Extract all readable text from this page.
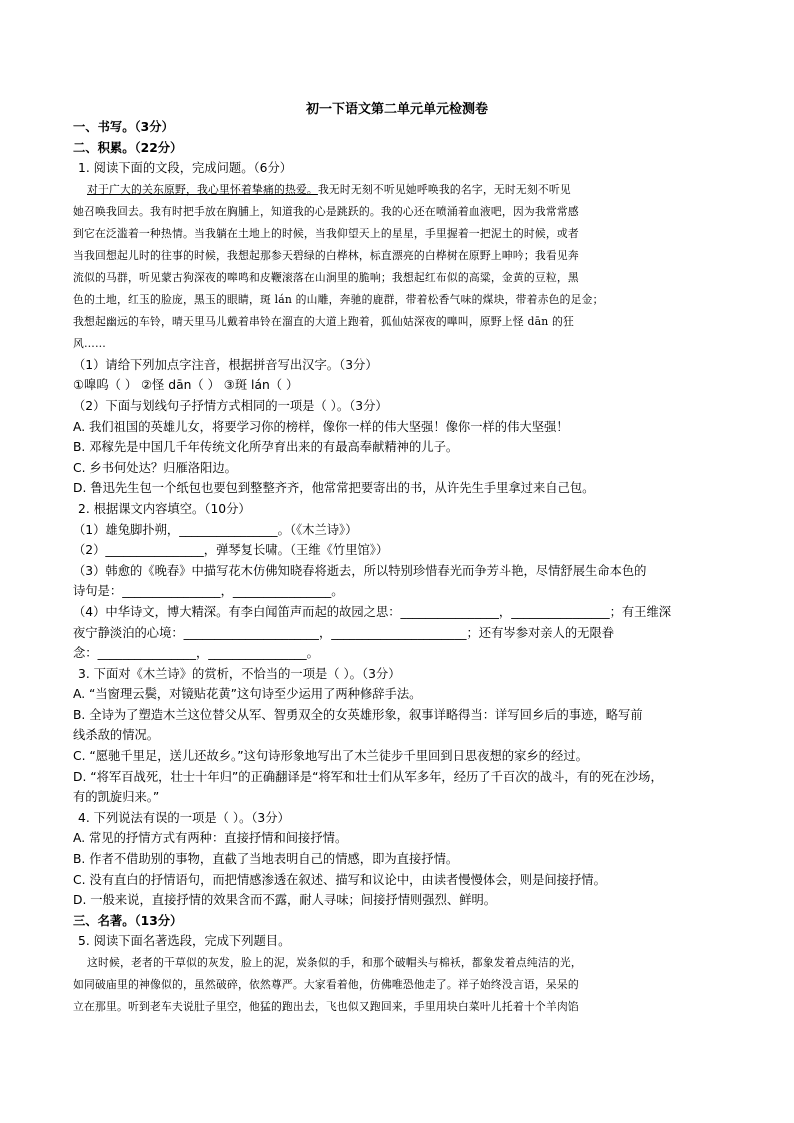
初一下语文第二单元单元检测卷
一、书写。（3分）
二、积累。（22分）
1. 阅读下面的文段，完成问题。（6分）
对于广大的关东原野，我心里怀着挚痛的热爱。我无时无刻不听见她呼唤我的名字，无时无刻不听见
她召唤我回去。我有时把手放在胸脯上，知道我的心是跳跃的。我的心还在喷涌着血液吧，因为我常常感
到它在泛滥着一种热情。当我躺在土地上的时候，当我仰望天上的星星，手里握着一把泥土的时候，或者
当我回想起儿时的往事的时候，我想起那参天碧绿的白桦林，标直漂亮的白桦树在原野上呻吟；我看见奔
流似的马群，听见蒙古狗深夜的嗥鸣和皮鞭滚落在山涧里的脆响；我想起红布似的高粱，金黄的豆粒，黑
色的土地，红玉的脸庞，黑玉的眼睛，斑 lán 的山雕，奔驰的鹿群，带着松香气味的煤块，带着赤色的足金；
我想起幽远的车铃，晴天里马儿戴着串铃在溜直的大道上跑着，狐仙姑深夜的嘷叫，原野上怪 dān 的狂
风……
（1）请给下列加点字注音，根据拼音写出汉字。（3分）
①嘷呜（ ） ②怪 dān（ ） ③斑 lán（ ）
（2）下面与划线句子抒情方式相同的一项是（ ）。（3分）
A. 我们祖国的英雄儿女，将要学习你的榜样，像你一样的伟大坚强！像你一样的伟大坚强！
B. 邓稼先是中国几千年传统文化所孕育出来的有最高奉献精神的儿子。
C. 乡书何处达？归雁洛阳边。
D. 鲁迅先生包一个纸包也要包到整整齐齐，他常常把要寄出的书，从许先生手里拿过来自己包。
2. 根据课文内容填空。（10分）
（1）雄兔脚扑朔，________________。（《木兰诗》）
（2）________________，弹琴复长啸。（王维《竹里馆》）
（3）韩愈的《晚春》中描写花木仿佛知晓春将逝去，所以特别珍惜春光而争芳斗艳，尽情舒展生命本色的
诗句是：________________，________________。
（4）中华诗文，博大精深。有李白闻笛声而起的故园之思：________________，________________；有王维深
夜宁静淡泊的心境：______________________，______________________；还有岑参对亲人的无限眷
念：________________，________________。
3. 下面对《木兰诗》的赏析，不恰当的一项是（ ）。（3分）
A. “当窗理云鬓，对镜贴花黄”这句诗至少运用了两种修辞手法。
B. 全诗为了塑造木兰这位替父从军、智勇双全的女英雄形象，叙事详略得当：详写回乡后的事迹，略写前
线杀敌的情况。
C. “愿驰千里足，送儿还故乡。”这句诗形象地写出了木兰徒步千里回到日思夜想的家乡的经过。
D. “将军百战死，壮士十年归”的正确翻译是“将军和壮士们从军多年，经历了千百次的战斗，有的死在沙场，
有的凯旋归来。”
4. 下列说法有误的一项是（ ）。（3分）
A. 常见的抒情方式有两种：直接抒情和间接抒情。
B. 作者不借助别的事物，直截了当地表明自己的情感，即为直接抒情。
C. 没有直白的抒情语句，而把情感渗透在叙述、描写和议论中，由读者慢慢体会，则是间接抒情。
D. 一般来说，直接抒情的效果含而不露，耐人寻味；间接抒情则强烈、鲜明。
三、名著。（13分）
5. 阅读下面名著选段，完成下列题目。
这时候，老者的干草似的灰发，脸上的泥，炭条似的手，和那个破帽头与棉袄，都象发着点纯洁的光，
如同破庙里的神像似的，虽然破碎，依然尊严。大家看着他，仿佛唯恐他走了。祥子始终没言语，呆呆的
立在那里。听到老车夫说肚子里空，他猛的跑出去，飞也似又跑回来，手里用块白菜叶儿托着十个羊肉馅
